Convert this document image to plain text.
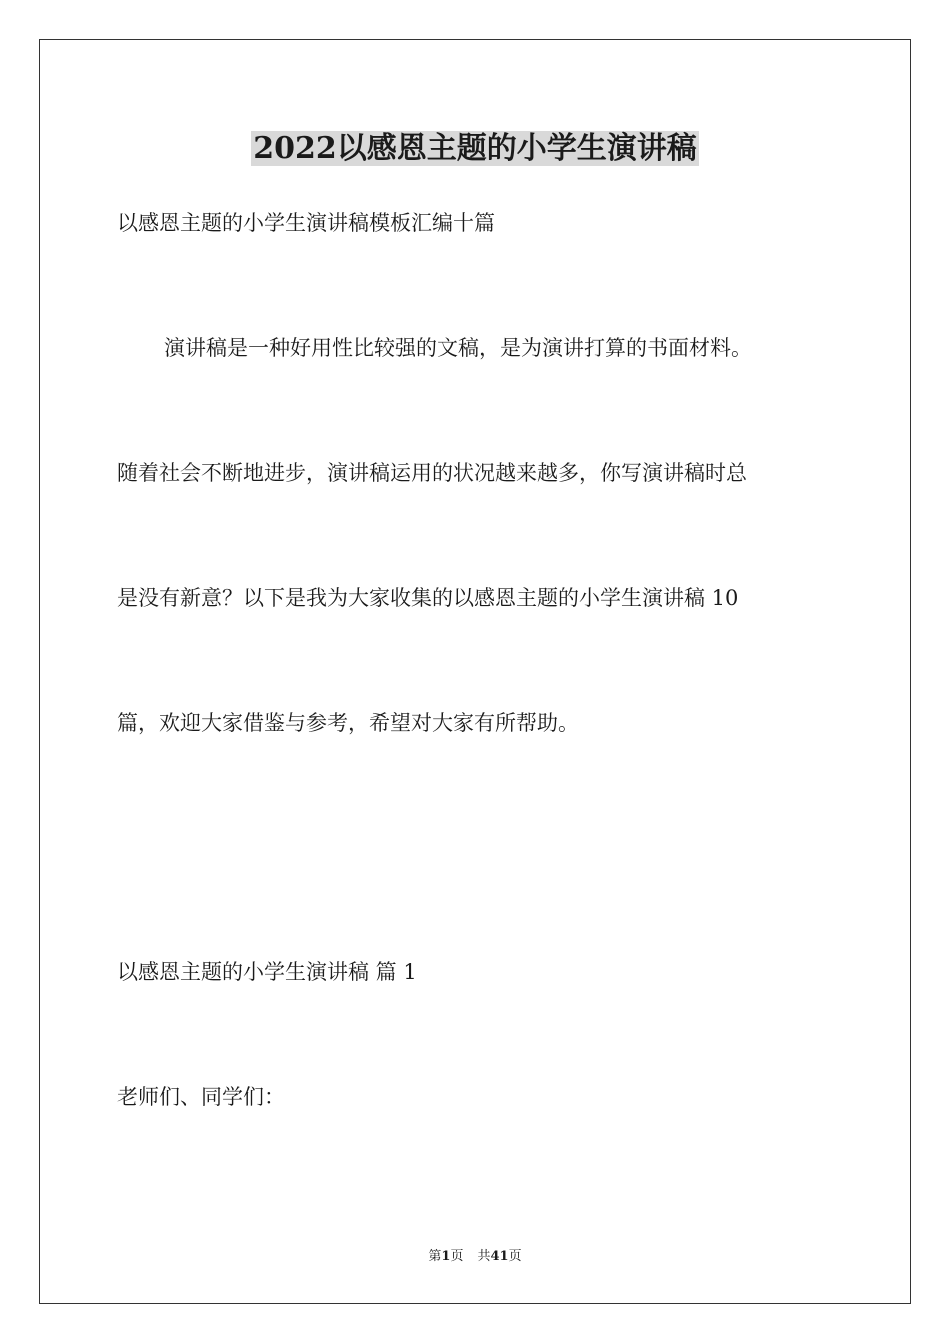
2022以感恩主题的小学生演讲稿

以感恩主题的小学生演讲稿模板汇编十篇

演讲稿是一种好用性比较强的文稿，是为演讲打算的书面材料。

随着社会不断地进步，演讲稿运用的状况越来越多，你写演讲稿时总

是没有新意？以下是我为大家收集的以感恩主题的小学生演讲稿 10

篇，欢迎大家借鉴与参考，希望对大家有所帮助。

以感恩主题的小学生演讲稿 篇 1

老师们、同学们：

第1页 共41页
